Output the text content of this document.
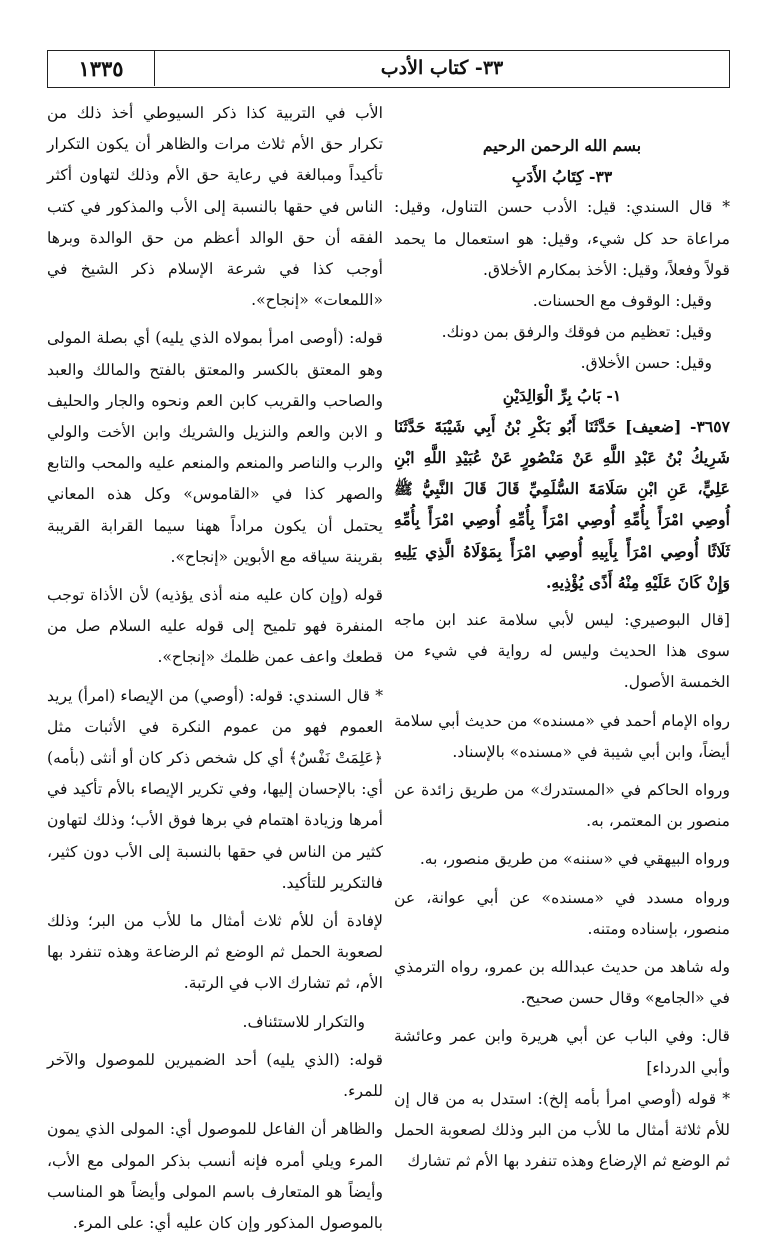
٣٣- كتاب الأدب
١٣٣٥

بسم الله الرحمن الرحيم

٣٣- كِتَابُ الأَدَبِ

* قال السندي: قيل: الأدب حسن التناول، وقيل: مراعاة حد كل شيء، وقيل: هو استعمال ما يحمد قولاً وفعلاً، وقيل: الأخذ بمكارم الأخلاق.

وقيل: الوقوف مع الحسنات.

وقيل: تعظيم من فوقك والرفق بمن دونك.

وقيل: حسن الأخلاق.

١- بَابُ بِرِّ الْوَالِدَيْنِ

٣٦٥٧- [ضعيف] حَدَّثَنَا أَبُو بَكْرِ بْنُ أَبِي شَيْبَةَ حَدَّثَنَا شَرِيكُ بْنُ عَبْدِ اللَّهِ عَنْ مَنْصُورٍ عَنْ عُبَيْدِ اللَّهِ ابْنِ عَلِيٍّ، عَنِ ابْنِ سَلَامَةَ السُّلَمِيِّ قَالَ قَالَ النَّبِيُّ ﷺ أُوصِي امْرَأً بِأُمِّهِ أُوصِي امْرَأً بِأُمِّهِ أُوصِي امْرَأً بِأُمِّهِ ثَلَاثًا أُوصِي امْرَأً بِأَبِيهِ أُوصِي امْرَأً بِمَوْلَاهُ الَّذِي يَلِيهِ وَإِنْ كَانَ عَلَيْهِ مِنْهُ أَذًى يُؤْذِيهِ.

[قال البوصيري: ليس لأبي سلامة عند ابن ماجه سوى هذا الحديث وليس له رواية في شيء من الخمسة الأصول.

رواه الإمام أحمد في «مسنده» من حديث أبي سلامة أيضاً، وابن أبي شيبة في «مسنده» بالإسناد.

ورواه الحاكم في «المستدرك» من طريق زائدة عن منصور بن المعتمر، به.

ورواه البيهقي في «سننه» من طريق منصور، به.

ورواه مسدد في «مسنده» عن أبي عوانة، عن منصور، بإسناده ومتنه.

وله شاهد من حديث عبدالله بن عمرو، رواه الترمذي في «الجامع» وقال حسن صحيح.

قال: وفي الباب عن أبي هريرة وابن عمر وعائشة وأبي الدرداء]

* قوله (أوصي امرأ بأمه إلخ): استدل به من قال إن للأم ثلاثة أمثال ما للأب من البر وذلك لصعوبة الحمل ثم الوضع ثم الإرضاع وهذه تنفرد بها الأم ثم تشارك

الأب في التربية كذا ذكر السيوطي أخذ ذلك من تكرار حق الأم ثلاث مرات والظاهر أن يكون التكرار تأكيداً ومبالغة في رعاية حق الأم وذلك لتهاون أكثر الناس في حقها بالنسبة إلى الأب والمذكور في كتب الفقه أن حق الوالد أعظم من حق الوالدة وبرها أوجب كذا في شرعة الإسلام ذكر الشيخ في «اللمعات» «إنجاح».

قوله: (أوصى امرأ بمولاه الذي يليه) أي بصلة المولى وهو المعتق بالكسر والمعتق بالفتح والمالك والعبد والصاحب والقريب كابن العم ونحوه والجار والحليف و الابن والعم والنزيل والشريك وابن الأخت والولي والرب والناصر والمنعم والمنعم عليه والمحب والتابع والصهر كذا في «القاموس» وكل هذه المعاني يحتمل أن يكون مراداً ههنا سيما القرابة القريبة بقرينة سياقه مع الأبوين «إنجاح».

قوله (وإن كان عليه منه أذى يؤذيه) لأن الأذاة توجب المنفرة فهو تلميح إلى قوله عليه السلام صل من قطعك واعف عمن ظلمك «إنجاح».

* قال السندي: قوله: (أوصي) من الإيصاء (امرأ) يريد العموم فهو من عموم النكرة في الأثبات مثل ﴿عَلِمَتْ نَفْسٌ﴾ أي كل شخص ذكر كان أو أنثى (بأمه) أي: بالإحسان إليها، وفي تكرير الإيصاء بالأم تأكيد في أمرها وزيادة اهتمام في برها فوق الأب؛ وذلك لتهاون كثير من الناس في حقها بالنسبة إلى الأب دون كثير، فالتكرير للتأكيد.

لإفادة أن للأم ثلاث أمثال ما للأب من البر؛ وذلك لصعوبة الحمل ثم الوضع ثم الرضاعة وهذه تنفرد بها الأم، ثم تشارك الاب في الرتبة.

والتكرار للاستئناف.

قوله: (الذي يليه) أحد الضميرين للموصول والآخر للمرء.

والظاهر أن الفاعل للموصول أي: المولى الذي يمون المرء ويلي أمره فإنه أنسب بذكر المولى مع الأب، وأيضاً هو المتعارف باسم المولى وأيضاً هو المناسب بالموصول المذكور وإن كان عليه أي: على المرء.
